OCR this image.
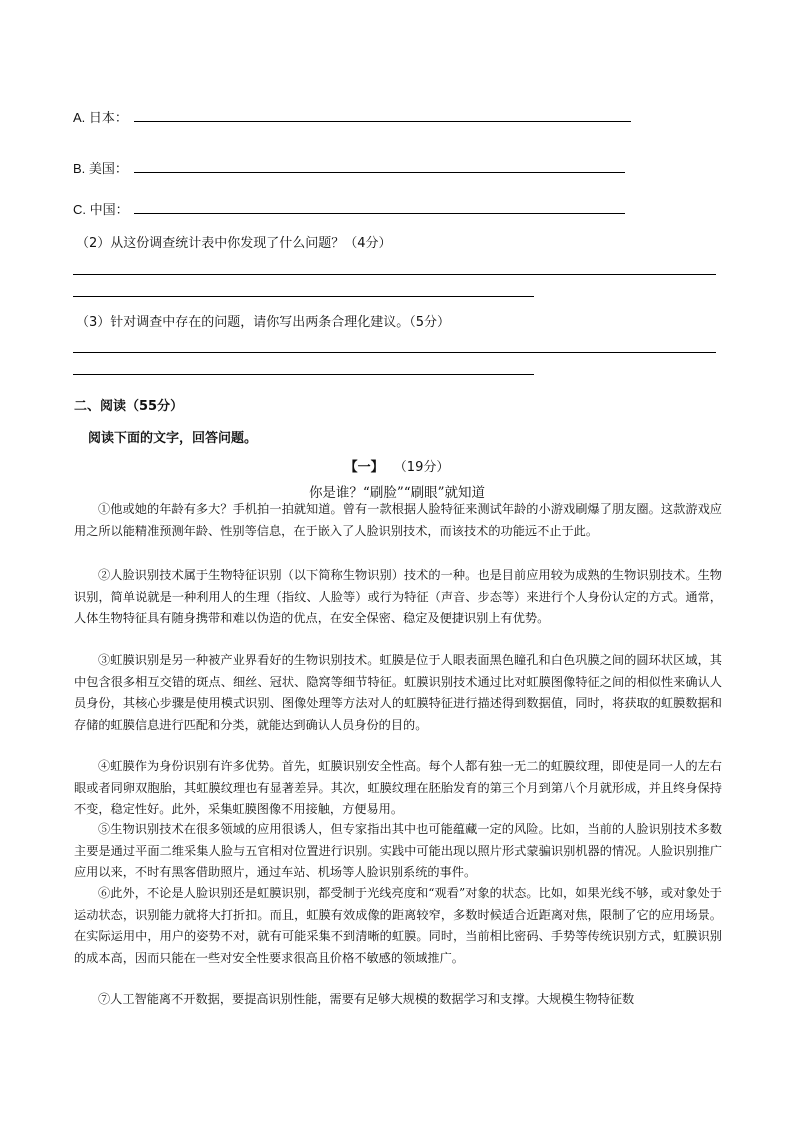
A. 日本：
B. 美国：
C. 中国：
（2）从这份调查统计表中你发现了什么问题？（4分）
（3）针对调查中存在的问题，请你写出两条合理化建议。（5分）
二、阅读（55分）
阅读下面的文字，回答问题。
【一】 （19分）
你是谁？“刷脸”“刷眼”就知道
①他或她的年龄有多大？手机拍一拍就知道。曾有一款根据人脸特征来测试年龄的小游戏刷爆了朋友圈。这款游戏应用之所以能精准预测年龄、性别等信息，在于嵌入了人脸识别技术，而该技术的功能远不止于此。
②人脸识别技术属于生物特征识别（以下简称生物识别）技术的一种。也是目前应用较为成熟的生物识别技术。生物识别，简单说就是一种利用人的生理（指纹、人脸等）或行为特征（声音、步态等）来进行个人身份认定的方式。通常，人体生物特征具有随身携带和难以伪造的优点，在安全保密、稳定及便捷识别上有优势。
③虹膜识别是另一种被产业界看好的生物识别技术。虹膜是位于人眼表面黑色瞳孔和白色巩膜之间的圆环状区域，其中包含很多相互交错的斑点、细丝、冠状、隐窝等细节特征。虹膜识别技术通过比对虹膜图像特征之间的相似性来确认人员身份，其核心步骤是使用模式识别、图像处理等方法对人的虹膜特征进行描述得到数据值，同时，将获取的虹膜数据和存储的虹膜信息进行匹配和分类，就能达到确认人员身份的目的。
④虹膜作为身份识别有许多优势。首先，虹膜识别安全性高。每个人都有独一无二的虹膜纹理，即使是同一人的左右眼或者同卵双胞胎，其虹膜纹理也有显著差异。其次，虹膜纹理在胚胎发育的第三个月到第八个月就形成，并且终身保持不变，稳定性好。此外，采集虹膜图像不用接触，方便易用。
⑤生物识别技术在很多领域的应用很诱人，但专家指出其中也可能蕴藏一定的风险。比如，当前的人脸识别技术多数主要是通过平面二维采集人脸与五官相对位置进行识别。实践中可能出现以照片形式蒙骗识别机器的情况。人脸识别推广应用以来，不时有黑客借助照片，通过车站、机场等人脸识别系统的事件。
⑥此外，不论是人脸识别还是虹膜识别，都受制于光线亮度和“观看”对象的状态。比如，如果光线不够，或对象处于运动状态，识别能力就将大打折扣。而且，虹膜有效成像的距离较窄，多数时候适合近距离对焦，限制了它的应用场景。在实际运用中，用户的姿势不对，就有可能采集不到清晰的虹膜。同时，当前相比密码、手势等传统识别方式，虹膜识别的成本高，因而只能在一些对安全性要求很高且价格不敏感的领域推广。
⑦人工智能离不开数据，要提高识别性能，需要有足够大规模的数据学习和支撑。大规模生物特征数
